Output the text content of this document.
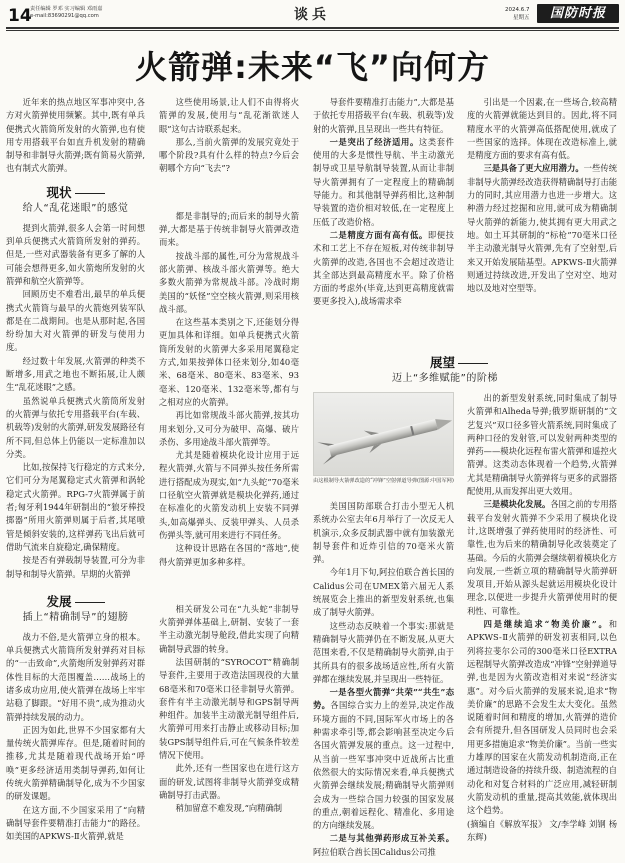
14
责任编辑 罗邓 实习编辑 邓雨嘉
e-mail:83690291@qq.com	谈兵	2024.6.7
星期五	国防时报
火箭弹:未来“飞”向何方

近年来的热点地区军事冲突中,各方对火箭弹使用频繁。其中,既有单兵便携式火箭筒所发射的火箭弹,也有使用专用搭载平台如直升机发射的精确制导和非制导火箭弹;既有简易火箭弹,也有制式火箭弹。

现状
给人“乱花迷眼”的感觉

提到火箭弹,很多人会第一时间想到单兵便携式火箭筒所发射的弹药。但是,一些对武器装备有更多了解的人可能会想得更多,如火箭炮所发射的火箭弹和航空火箭弹等。

回顾历史不难看出,最早的单兵便携式火箭筒与最早的火箭炮列装军队都是在二战期间。也是从那时起,各国纷纷加大对火箭弹的研发与使用力度。

经过数十年发展,火箭弹的种类不断增多,用武之地也不断拓展,让人颇生“乱花迷眼”之感。

虽然说单兵便携式火箭筒所发射的火箭弹与依托专用搭载平台(车载、机载等)发射的火箭弹,研发发展路径有所不同,但总体上仍能以一定标准加以分类。

比如,按保持飞行稳定的方式来分,它们可分为尾翼稳定式火箭弹和涡轮稳定式火箭弹。RPG-7火箭弹属于前者;匈牙利1944年研制出的“狼牙棒投掷器”所用火箭弹则属于后者,其尾喷管是倾斜安装的,这样弹药飞出后就可借助气流来自旋稳定,确保精度。

按是否有弹载制导装置,可分为非制导和制导火箭弹。早期的火箭弹

发展
插上“精确制导”的翅膀

战力不俗,是火箭弹立身的根本。单兵便携式火箭筒所发射弹药对目标的“一击致命”,火箭炮所发射弹药对群体性目标的大范围覆盖……战场上的诸多成功应用,使火箭弹在战场上牢牢站稳了脚跟。“好用不贵”,成为推动火箭弹持续发展的动力。

正因为如此,世界不少国家都有大量传统火箭弹库存。但是,随着时间的推移,尤其是随着现代战场开始“呼唤”更多经济适用类制导弹药,如何让传统火箭弹精确制导化,成为不少国家的研发课题。

在这方面,不少国家采用了“向精确制导套件要精准打击能力”的路径。如美国的APKWS-Ⅱ火箭弹,就是

这些使用场景,让人们不由得将火箭弹的发展,使用与“乱花渐欲迷人眼”这句古诗联系起来。

那么,当前火箭弹的发展究竟处于哪个阶段?具有什么样的特点?今后会朝哪个方向“飞去”?

都是非制导的;而后来的制导火箭弹,大都是基于传统非制导火箭弹改造而来。

按战斗部的属性,可分为常规战斗部火箭弹、核战斗部火箭弹等。绝大多数火箭弹为常规战斗部。冷战时期美国的“妖怪”空空核火箭弹,则采用核战斗部。

在这些基本类别之下,还能划分得更加具体和详细。如单兵便携式火箭筒所发射的火箭弹大多采用尾翼稳定方式,如果按弹体口径来划分,如40毫米、68毫米、80毫米、83毫米、93毫米、120毫米、132毫米等,都有与之相对应的火箭弹。

再比如常规战斗部火箭弹,按其功用来划分,又可分为破甲、高爆、破片杀伤、多用途战斗部火箭弹等。

尤其是随着模块化设计应用于远程火箭弹,火箭与不同弹头按任务所需进行搭配成为现实,如“九头蛇”70毫米口径航空火箭弹就是模块化弹药,通过在标准化的火箭发动机上安装不同弹头,如高爆弹头、反装甲弹头、人员杀伤弹头等,就可用来进行不同任务。

这种设计思路在各国的“落地”,使得火箭弹更加多种多样。

相关研发公司在“九头蛇”非制导火箭弹弹体基础上,研制、安装了一套半主动激光制导舱段,借此实现了向精确制导武器的转身。

法国研制的“SYROCOT”精确制导套件,主要用于改造法国现役的大量68毫米和70毫米口径非制导火箭弹。套件有半主动激光制导和GPS制导两种组件。加装半主动激光制导组件后,火箭弹可用来打击静止或移动目标;加装GPS制导组件后,可在气候条件较差情况下使用。

此外,还有一些国家也在进行这方面的研发,试图将非制导火箭弹变成精确制导打击武器。

稍加留意不难发现,“向精确制

导套件要精准打击能力”,大都是基于依托专用搭载平台(车载、机载等)发射的火箭弹,且呈现出一些共有特征。

一是突出了经济适用。这类套件使用的大多是惯性导航、半主动激光制导或卫星导航制导装置,从而让非制导火箭弹拥有了一定程度上的精确制导能力。和其他制导弹药相比,这种制导装置的造价相对较低,在一定程度上压低了改造价格。

二是精度方面有高有低。即便技术和工艺上不存在短板,对传统非制导火箭弹的改造,各国也不会超过改造让其全部达到最高精度水平。除了价格方面的考虑外(毕竟,达到更高精度就需要更多投入),战场需求牵

展望
迈上“多维赋能”的阶梯
由这根制导火箭弹改造的“冲锋”空射弹道导弹(图源:中国军网)

美国国防部联合打击小型无人机系统办公室去年6月举行了一次反无人机演示,众多反制武器中就有加装激光制导套件和近炸引信的70毫米火箭弹。

今年1月下旬,阿拉伯联合酋长国的Calidus公司在UMEX第六届无人系统展览会上推出的新型发射系统,也集成了制导火箭弹。

这些动态反映着一个事实:那就是精确制导火箭弹仍在不断发展,从更大范围来看,不仅是精确制导火箭弹,由于其所具有的很多战场适应性,所有火箭弹都在继续发展,并呈现出一些特征。

一是各型火箭弹“共荣”“共生”态势。各国综合实力上的差异,决定作战环境方面的不同,国际军火市场上的各种需求牵引等,都会影响甚至决定今后各国火箭弹发展的重点。这一过程中,从当前一些军事冲突中近战所占比重依然很大的实际情况来看,单兵便携式火箭弹会继续发展;精确制导火箭弹则会成为一些综合国力较强的国家发展的重点,朝着远程化、精准化、多用途的方向继续发展。

二是与其他弹药形成互补关系。阿拉伯联合酋长国Calidus公司推

引出是一个因素,在一些场合,较高精度的火箭弹就能达到目的。因此,将不同精度水平的火箭弹高低搭配使用,就成了一些国家的选择。体现在改造标准上,就是精度方面的要求有高有低。

三是具备了更大应用潜力。一些传统非制导火箭弹经改造获得精确制导打击能力的同时,其应用潜力也进一步增大。这种潜力经过挖掘和应用,就可成为精确制导火箭弹的新能力,使其拥有更大用武之地。如土耳其研制的“标枪”70毫米口径半主动激光制导火箭弹,先有了空射型,后来又开始发展陆基型。APKWS-Ⅱ火箭弹则通过持续改进,开发出了空对空、地对地以及地对空型等。

出的新型发射系统,同时集成了制导火箭弹和Alheda导弹;俄罗斯研制的“文艺复兴”双口径多管火箭系统,同时集成了两种口径的发射管,可以发射两种类型的弹药——模块化远程布雷火箭弹和遥控火箭弹。这类动态体现着一个趋势,火箭弹尤其是精确制导火箭弹将与更多的武器搭配使用,从而发挥出更大效用。

三是模块化发展。各国之前的专用搭载平台发射火箭弹不少采用了模块化设计,这既增强了弹药使用时的经济性、可靠性,也为后来的精确制导化改装奠定了基础。今后的火箭弹会继续朝着模块化方向发展,一些新立项的精确制导火箭弹研发项目,开始从源头起就运用模块化设计理念,以便进一步提升火箭弹使用时的便利性、可靠性。

四是继续追求“物美价廉”。和APKWS-Ⅱ火箭弹的研发初衷相同,以色列将拉斐尔公司的300毫米口径EXTRA远程制导火箭弹改造成“冲锋”空射弹道导弹,也是因为火箭改造相对来说“经济实惠”。对今后火箭弹的发展来说,追求“物美价廉”的思路不会发生太大变化。虽然说随着时间和精度的增加,火箭弹的造价会有所提升,但各国研发人员同时也会采用更多措施追求“物美价廉”。当前一些实力雄厚的国家在火箭发动机制造商,正在通过制造设备的持续升级、制造流程的自动化和对复合材料的广泛应用,减轻研制火箭发动机的重量,提高其效能,就体现出这个趋势。

(摘编自《解放军报》 文/李学峰 刘钢 杨东辉)
